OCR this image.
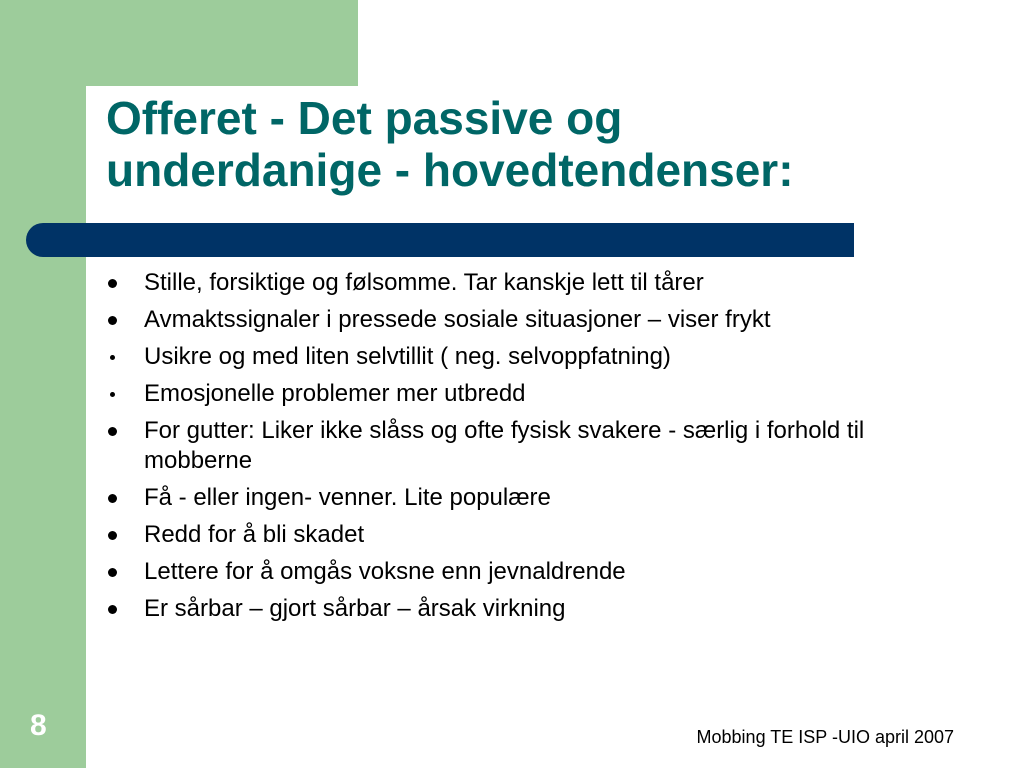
Offeret - Det passive og
underdanige - hovedtendenser:
Stille, forsiktige og følsomme. Tar kanskje lett til tårer
Avmaktssignaler i pressede sosiale situasjoner – viser frykt
Usikre og med liten selvtillit ( neg. selvoppfatning)
Emosjonelle problemer mer utbredd
For gutter: Liker ikke slåss og ofte fysisk svakere - særlig i forhold til mobberne
Få - eller ingen- venner. Lite populære
Redd for å bli skadet
Lettere for å omgås voksne enn jevnaldrende
Er sårbar – gjort sårbar – årsak virkning
8	Mobbing TE ISP -UIO april 2007
